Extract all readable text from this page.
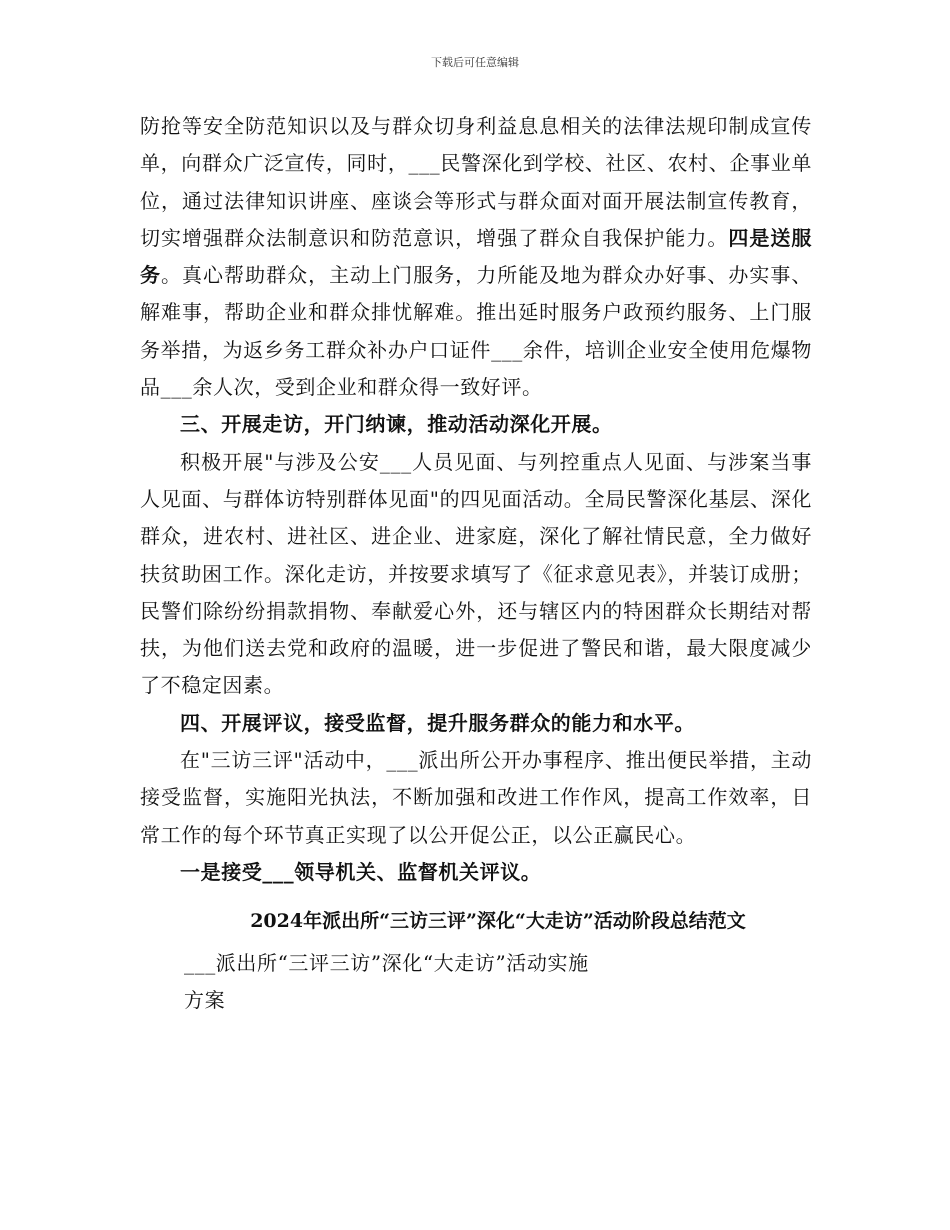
下载后可任意编辑

防抢等安全防范知识以及与群众切身利益息息相关的法律法规印制成宣传单，向群众广泛宣传，同时，___民警深化到学校、社区、农村、企事业单位，通过法律知识讲座、座谈会等形式与群众面对面开展法制宣传教育，切实增强群众法制意识和防范意识，增强了群众自我保护能力。四是送服务。真心帮助群众，主动上门服务，力所能及地为群众办好事、办实事、解难事，帮助企业和群众排忧解难。推出延时服务户政预约服务、上门服务举措，为返乡务工群众补办户口证件___余件，培训企业安全使用危爆物品___余人次，受到企业和群众得一致好评。

三、开展走访，开门纳谏，推动活动深化开展。

积极开展"与涉及公安___人员见面、与列控重点人见面、与涉案当事人见面、与群体访特别群体见面"的四见面活动。全局民警深化基层、深化群众，进农村、进社区、进企业、进家庭，深化了解社情民意，全力做好扶贫助困工作。深化走访，并按要求填写了《征求意见表》，并装订成册；民警们除纷纷捐款捐物、奉献爱心外，还与辖区内的特困群众长期结对帮扶，为他们送去党和政府的温暖，进一步促进了警民和谐，最大限度减少了不稳定因素。

四、开展评议，接受监督，提升服务群众的能力和水平。

在"三访三评"活动中，___派出所公开办事程序、推出便民举措，主动接受监督，实施阳光执法，不断加强和改进工作作风，提高工作效率，日常工作的每个环节真正实现了以公开促公正，以公正赢民心。

一是接受___领导机关、监督机关评议。

2024年派出所“三访三评”深化“大走访”活动阶段总结范文

___派出所“三评三访”深化“大走访”活动实施方案
